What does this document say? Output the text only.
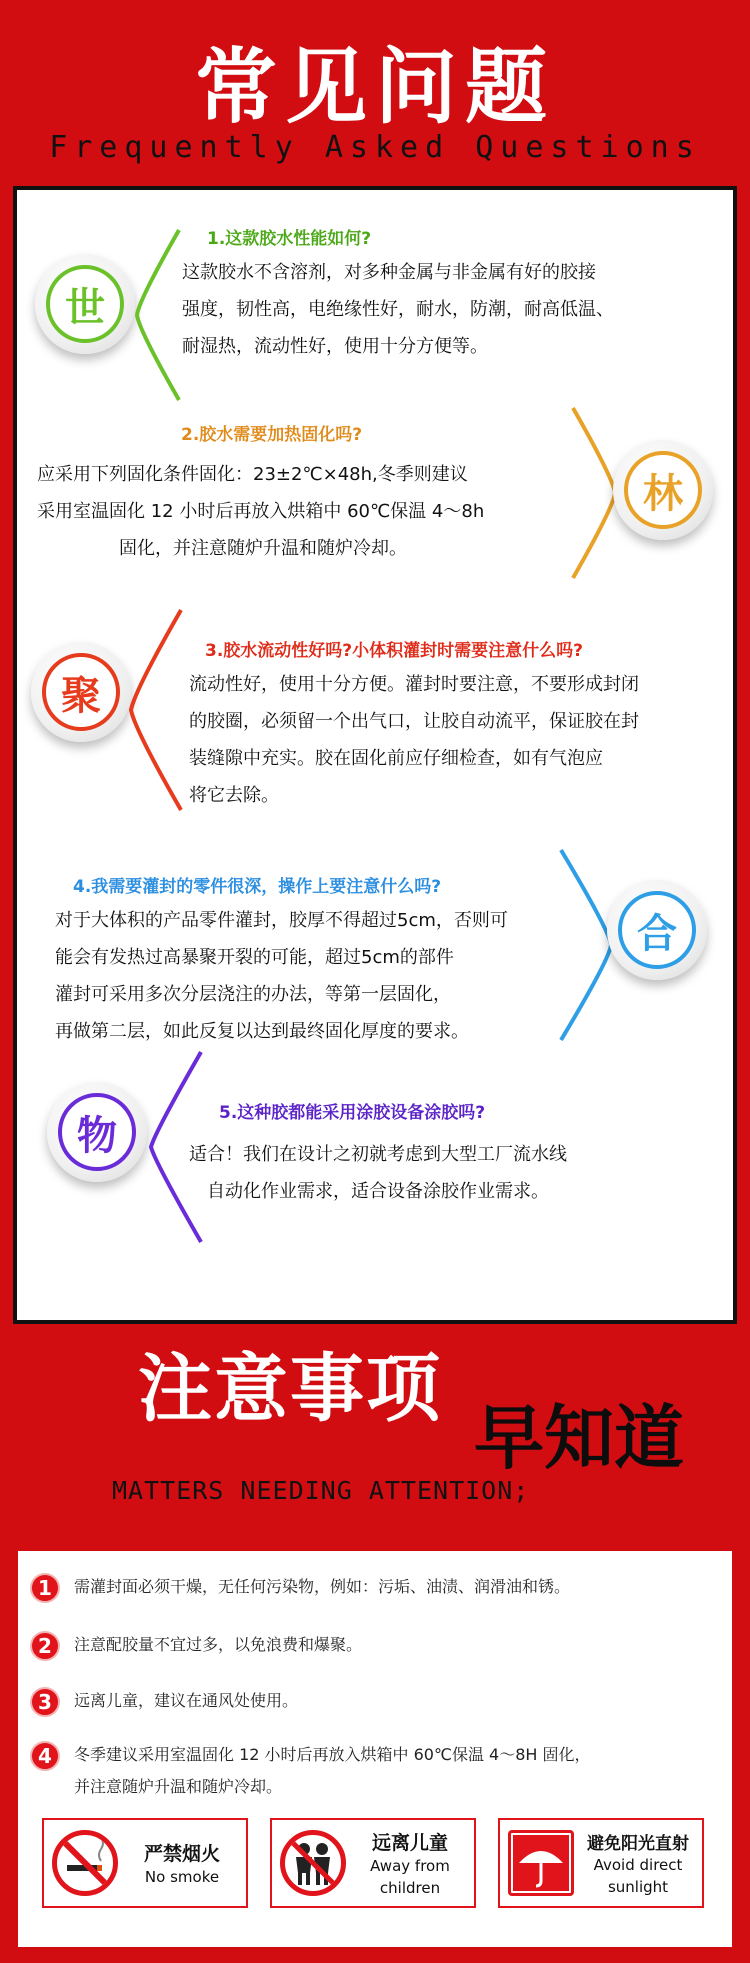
常见问题
Frequently Asked Questions
世
1.这款胶水性能如何?
这款胶水不含溶剂，对多种金属与非金属有好的胶接
强度，韧性高，电绝缘性好，耐水，防潮，耐高低温、
耐湿热，流动性好，使用十分方便等。
2.胶水需要加热固化吗?
应采用下列固化条件固化：23±2℃×48h,冬季则建议
采用室温固化 12 小时后再放入烘箱中 60℃保温 4～8h
固化，并注意随炉升温和随炉冷却。
林
聚
3.胶水流动性好吗?小体积灌封时需要注意什么吗?
流动性好，使用十分方便。灌封时要注意，不要形成封闭
的胶圈，必须留一个出气口，让胶自动流平，保证胶在封
装缝隙中充实。胶在固化前应仔细检查，如有气泡应
将它去除。
4.我需要灌封的零件很深，操作上要注意什么吗?
对于大体积的产品零件灌封，胶厚不得超过5cm，否则可
能会有发热过高暴聚开裂的可能，超过5cm的部件
灌封可采用多次分层浇注的办法，等第一层固化，
再做第二层，如此反复以达到最终固化厚度的要求。
合
物	5.这种胶都能采用涂胶设备涂胶吗?
适合！我们在设计之初就考虑到大型工厂流水线
自动化作业需求，适合设备涂胶作业需求。
注意事项
早知道
MATTERS NEEDING ATTENTION;
1	需灌封面必须干燥，无任何污染物，例如：污垢、油渍、润滑油和锈。
2	注意配胶量不宜过多，以免浪费和爆聚。
3	远离儿童，建议在通风处使用。
4	冬季建议采用室温固化 12 小时后再放入烘箱中 60℃保温 4～8H 固化，
并注意随炉升温和随炉冷却。
严禁烟火
No smoke
远离儿童
Away from
children
避免阳光直射
Avoid direct
sunlight
